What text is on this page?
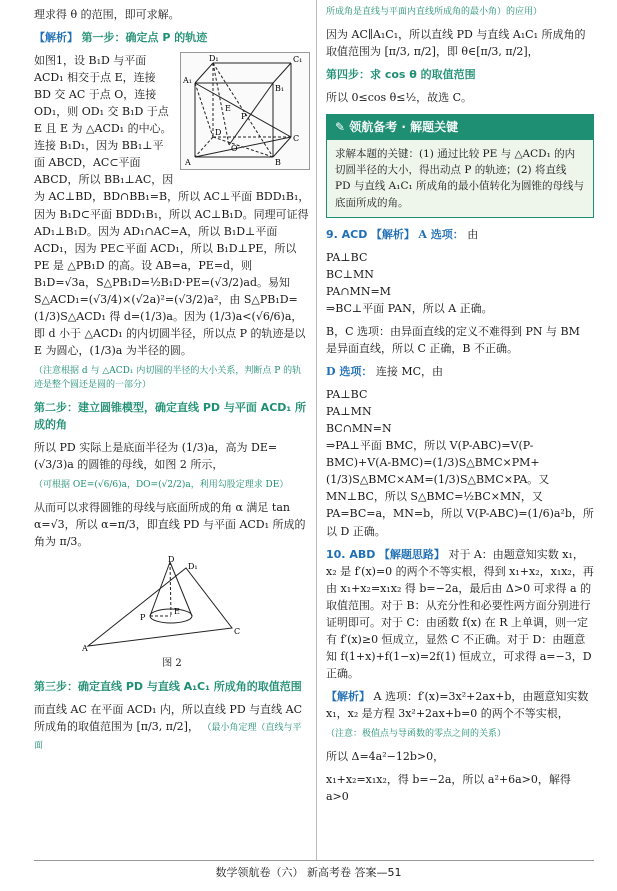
理求得 θ 的范围，即可求解。

【解析】 第一步：确定点 P 的轨迹

D₁	C₁
A₁
B₁
E
P
D
O
C
A	B

如图1，设 B₁D 与平面 ACD₁ 相交于点 E，连接 BD 交 AC 于点 O，连接 OD₁，则 OD₁ 交 B₁D 于点 E 且 E 为 △ACD₁ 的中心。连接 B₁D₁，因为 BB₁⊥平面 ABCD，AC⊂平面 ABCD，所以 BB₁⊥AC，因为 AC⊥BD，BD∩BB₁=B，所以 AC⊥平面 BDD₁B₁，因为 B₁D⊂平面 BDD₁B₁，所以 AC⊥B₁D。同理可证得 AD₁⊥B₁D。因为 AD₁∩AC=A，所以 B₁D⊥平面 ACD₁，因为 PE⊂平面 ACD₁，所以 B₁D⊥PE，所以 PE 是 △PB₁D 的高。设 AB=a，PE=d，则 B₁D=√3a，S△PB₁D=½B₁D·PE=(√3/2)ad。易知 S△ACD₁=(√3/4)×(√2a)²=(√3/2)a²，由 S△PB₁D=(1/3)S△ACD₁ 得 d=(1/3)a。因为 (1/3)a<(√6/6)a，即 d 小于 △ACD₁ 的内切圆半径，所以点 P 的轨迹是以 E 为圆心，(1/3)a 为半径的圆。

（注意根据 d 与 △ACD₁ 内切圆的半径的大小关系，判断点 P 的轨迹是整个圆还是圆的一部分）

第二步：建立圆锥模型，确定直线 PD 与平面 ACD₁ 所成的角

所以 PD 实际上是底面半径为 (1/3)a，高为 DE=(√3/3)a 的圆锥的母线，如图 2 所示，

（可根据 OE=(√6/6)a，DO=(√2/2)a，利用勾股定理求 DE）

从而可以求得圆锥的母线与底面所成的角 α 满足 tan α=√3，所以 α=π/3，即直线 PD 与平面 ACD₁ 所成的角为 π/3。

D
D₁
E
P
A
C

图 2

第三步：确定直线 PD 与直线 A₁C₁ 所成角的取值范围

而直线 AC 在平面 ACD₁ 内，所以直线 PD 与直线 AC 所成角的取值范围为 [π/3, π/2]， （最小角定理（直线与平面

所成角是直线与平面内直线所成角的最小角）的应用）

因为 AC∥A₁C₁，所以直线 PD 与直线 A₁C₁ 所成角的取值范围为 [π/3, π/2]，即 θ∈[π/3, π/2]，

第四步：求 cos θ 的取值范围

所以 0≤cos θ≤½，故选 C。

✎ 领航备考 · 解题关键
求解本题的关键：(1) 通过比较 PE 与 △ACD₁ 的内切圆半径的大小，得出动点 P 的轨迹；(2) 将直线 PD 与直线 A₁C₁ 所成角的最小值转化为圆锥的母线与底面所成的角。

9. ACD 【解析】 A 选项： 由

PA⊥BC
BC⊥MN
PA∩MN=M
⇒BC⊥平面 PAN，所以 A 正确。

B，C 选项：由异面直线的定义不难得到 PN 与 BM 是异面直线，所以 C 正确，B 不正确。

D 选项： 连接 MC，由

PA⊥BC
PA⊥MN
BC∩MN=N
⇒PA⊥平面 BMC，所以 V(P-ABC)=V(P-BMC)+V(A-BMC)=(1/3)S△BMC×PM+(1/3)S△BMC×AM=(1/3)S△BMC×PA。又 MN⊥BC，所以 S△BMC=½BC×MN，又 PA=BC=a，MN=b，所以 V(P-ABC)=(1/6)a²b，所以 D 正确。

10. ABD 【解题思路】 对于 A：由题意知实数 x₁，x₂ 是 f′(x)=0 的两个不等实根，得到 x₁+x₂，x₁x₂，再由 x₁+x₂=x₁x₂ 得 b=−2a，最后由 Δ>0 可求得 a 的取值范围。对于 B：从充分性和必要性两方面分别进行证明即可。对于 C：由函数 f(x) 在 R 上单调，则一定有 f′(x)≥0 恒成立，显然 C 不正确。对于 D：由题意知 f(1+x)+f(1−x)=2f(1) 恒成立，可求得 a=−3，D 正确。

【解析】 A 选项：f′(x)=3x²+2ax+b，由题意知实数 x₁，x₂ 是方程 3x²+2ax+b=0 的两个不等实根，

（注意：极值点与导函数的零点之间的关系）

所以 Δ=4a²−12b>0，

x₁+x₂=x₁x₂，得 b=−2a，所以 a²+6a>0，解得 a>0

数学领航卷（六） 新高考卷 答案—51
